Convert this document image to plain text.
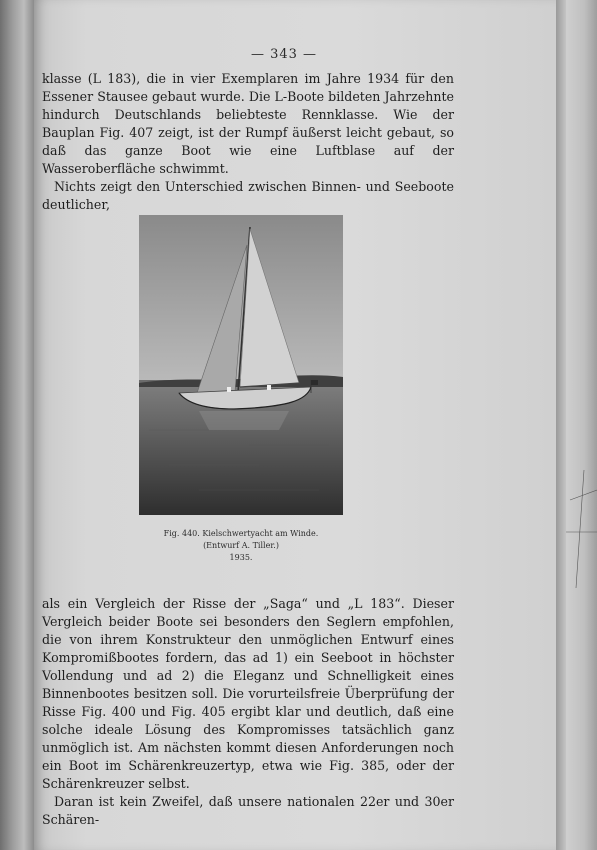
— 343 —

klasse (L 183), die in vier Exemplaren im Jahre 1934 für den Essener Stausee gebaut wurde. Die L-Boote bildeten Jahrzehnte hindurch Deutschlands beliebteste Rennklasse. Wie der Bauplan Fig. 407 zeigt, ist der Rumpf äußerst leicht gebaut, so daß das ganze Boot wie eine Luftblase auf der Wasseroberfläche schwimmt.

Nichts zeigt den Unterschied zwischen Binnen- und Seeboote deutlicher,

Fig. 440. Kielschwertyacht am Winde.
(Entwurf A. Tiller.)
1935.

als ein Vergleich der Risse der „Saga“ und „L 183“. Dieser Vergleich beider Boote sei besonders den Seglern empfohlen, die von ihrem Konstrukteur den unmöglichen Entwurf eines Kompromißbootes fordern, das ad 1) ein Seeboot in höchster Vollendung und ad 2) die Eleganz und Schnelligkeit eines Binnenbootes besitzen soll. Die vorurteilsfreie Überprüfung der Risse Fig. 400 und Fig. 405 ergibt klar und deutlich, daß eine solche ideale Lösung des Kompromisses tatsächlich ganz unmöglich ist. Am nächsten kommt diesen Anforderungen noch ein Boot im Schärenkreuzertyp, etwa wie Fig. 385, oder der Schärenkreuzer selbst.

Daran ist kein Zweifel, daß unsere nationalen 22er und 30er Schären-
